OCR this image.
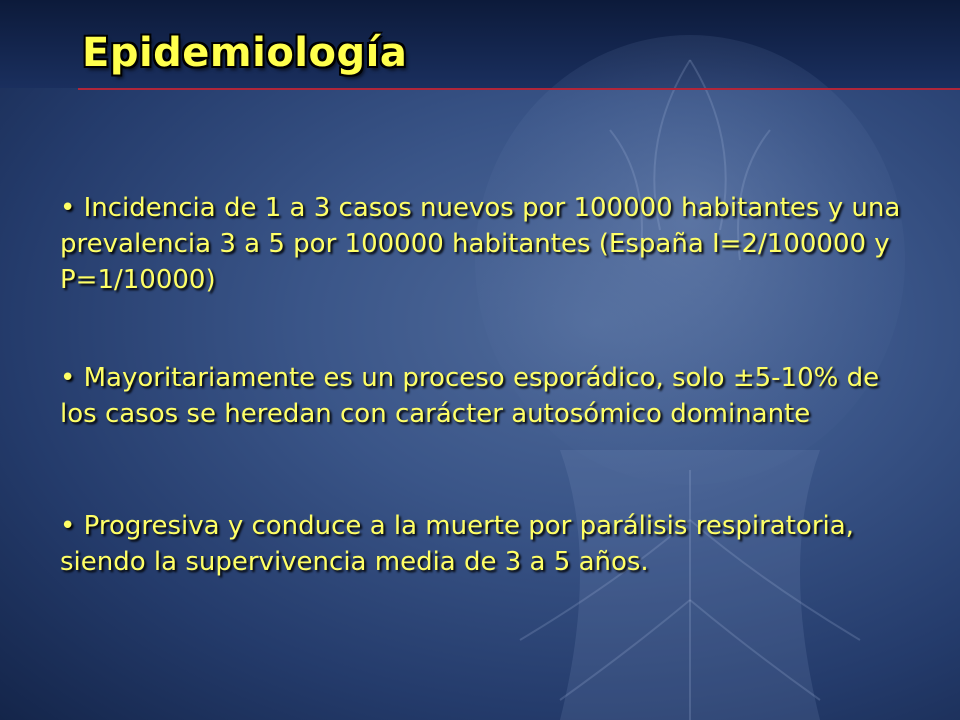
Epidemiología
• Incidencia de 1 a 3 casos nuevos por 100000 habitantes y una prevalencia 3 a 5 por 100000 habitantes (España I=2/100000 y P=1/10000)
• Mayoritariamente es un proceso esporádico, solo ±5-10% de los casos se heredan con carácter autosómico dominante
• Progresiva y conduce a la muerte por parálisis respiratoria, siendo la supervivencia media de 3 a 5 años.
